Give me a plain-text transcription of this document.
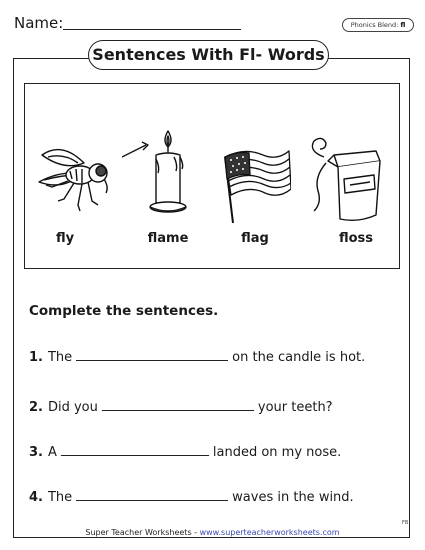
Name:	Phonics Blend: fl
Sentences With Fl- Words
fly	flame	flag	floss
Complete the sentences.
1. The	on the candle is hot.
2. Did you	your teeth?
3. A	landed on my nose.
4. The	waves in the wind.
Super Teacher Worksheets - www.superteacherworksheets.com
FB
